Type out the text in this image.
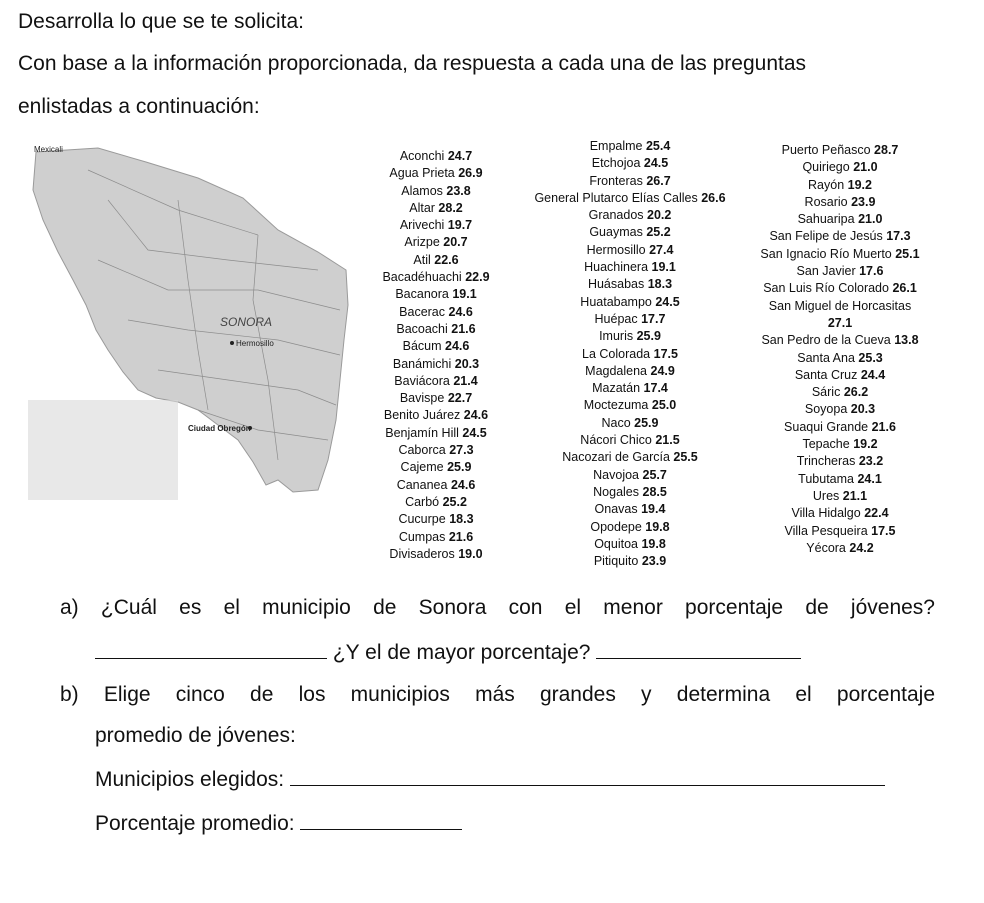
Desarrolla lo que se te solicita:
Con base a la información proporcionada, da respuesta a cada una de las preguntas
enlistadas a continuación:
Mexicali
SONORA
Hermosillo
Ciudad Obregón
Aconchi 24.7
Agua Prieta 26.9
Alamos 23.8
Altar 28.2
Arivechi 19.7
Arizpe 20.7
Atil 22.6
Bacadéhuachi 22.9
Bacanora 19.1
Bacerac 24.6
Bacoachi 21.6
Bácum 24.6
Banámichi 20.3
Baviácora 21.4
Bavispe 22.7
Benito Juárez 24.6
Benjamín Hill 24.5
Caborca 27.3
Cajeme 25.9
Cananea 24.6
Carbó 25.2
Cucurpe 18.3
Cumpas 21.6
Divisaderos 19.0
Empalme 25.4
Etchojoa 24.5
Fronteras 26.7
General Plutarco Elías Calles 26.6
Granados 20.2
Guaymas 25.2
Hermosillo 27.4
Huachinera 19.1
Huásabas 18.3
Huatabampo 24.5
Huépac 17.7
Imuris 25.9
La Colorada 17.5
Magdalena 24.9
Mazatán 17.4
Moctezuma 25.0
Naco 25.9
Nácori Chico 21.5
Nacozari de García 25.5
Navojoa 25.7
Nogales 28.5
Onavas 19.4
Opodepe 19.8
Oquitoa 19.8
Pitiquito 23.9
Puerto Peñasco 28.7
Quiriego 21.0
Rayón 19.2
Rosario 23.9
Sahuaripa 21.0
San Felipe de Jesús 17.3
San Ignacio Río Muerto 25.1
San Javier 17.6
San Luis Río Colorado 26.1
San Miguel de Horcasitas
27.1
San Pedro de la Cueva 13.8
Santa Ana 25.3
Santa Cruz 24.4
Sáric 26.2
Soyopa 20.3
Suaqui Grande 21.6
Tepache 19.2
Trincheras 23.2
Tubutama 24.1
Ures 21.1
Villa Hidalgo 22.4
Villa Pesqueira 17.5
Yécora 24.2
a) ¿Cuál es el municipio de Sonora con el menor porcentaje de jóvenes?
¿Y el de mayor porcentaje?
b) Elige cinco de los municipios más grandes y determina el porcentaje
promedio de jóvenes:
Municipios elegidos:
Porcentaje promedio:
